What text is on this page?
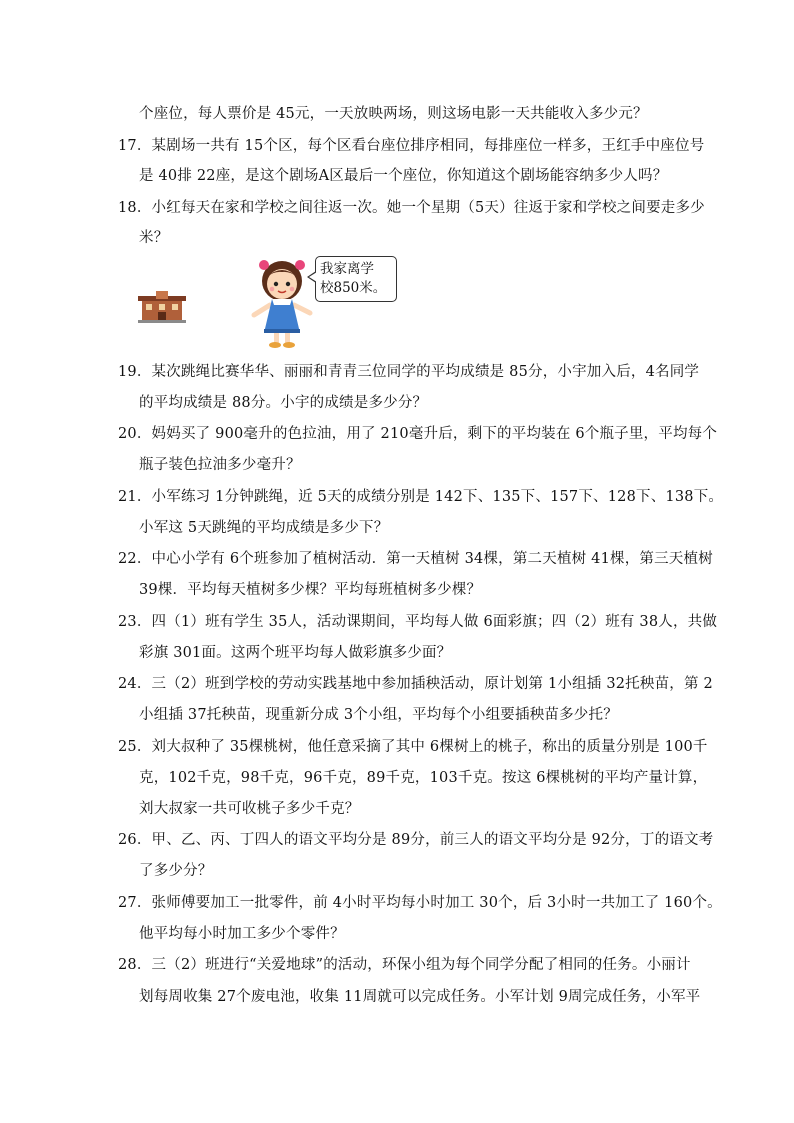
个座位，每人票价是 45元，一天放映两场，则这场电影一天共能收入多少元？
17．某剧场一共有 15个区，每个区看台座位排序相同，每排座位一样多，王红手中座位号
是 40排 22座，是这个剧场A区最后一个座位，你知道这个剧场能容纳多少人吗？
18．小红每天在家和学校之间往返一次。她一个星期（5天）往返于家和学校之间要走多少
米？
我家离学
校850米。
19．某次跳绳比赛华华、丽丽和青青三位同学的平均成绩是 85分，小宇加入后，4名同学
的平均成绩是 88分。小宇的成绩是多少分？
20．妈妈买了 900毫升的色拉油，用了 210毫升后，剩下的平均装在 6个瓶子里，平均每个
瓶子装色拉油多少毫升？
21．小军练习 1分钟跳绳，近 5天的成绩分别是 142下、135下、157下、128下、138下。
小军这 5天跳绳的平均成绩是多少下？
22．中心小学有 6个班参加了植树活动．第一天植树 34棵，第二天植树 41棵，第三天植树
39棵．平均每天植树多少棵？平均每班植树多少棵？
23．四（1）班有学生 35人，活动课期间，平均每人做 6面彩旗；四（2）班有 38人，共做
彩旗 301面。这两个班平均每人做彩旗多少面？
24．三（2）班到学校的劳动实践基地中参加插秧活动，原计划第 1小组插 32托秧苗，第 2
小组插 37托秧苗，现重新分成 3个小组，平均每个小组要插秧苗多少托？
25．刘大叔种了 35棵桃树，他任意采摘了其中 6棵树上的桃子，称出的质量分别是 100千
克，102千克，98千克，96千克，89千克，103千克。按这 6棵桃树的平均产量计算，
刘大叔家一共可收桃子多少千克？
26．甲、乙、丙、丁四人的语文平均分是 89分，前三人的语文平均分是 92分，丁的语文考
了多少分？
27．张师傅要加工一批零件，前 4小时平均每小时加工 30个，后 3小时一共加工了 160个。
他平均每小时加工多少个零件？
28．三（2）班进行“关爱地球”的活动，环保小组为每个同学分配了相同的任务。小丽计
划每周收集 27个废电池，收集 11周就可以完成任务。小军计划 9周完成任务，小军平
